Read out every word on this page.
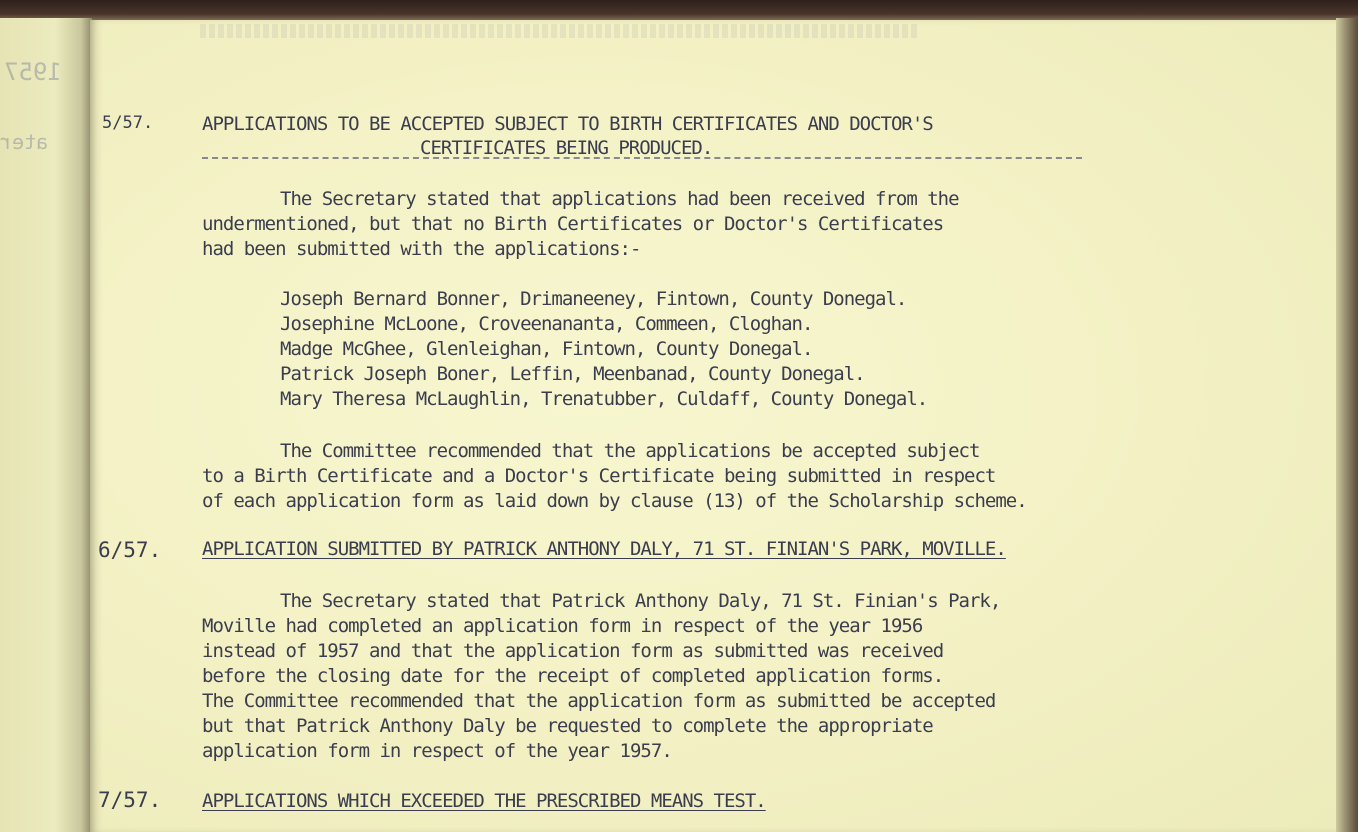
1957
ater
5/57.	APPLICATIONS TO BE ACCEPTED SUBJECT TO BIRTH CERTIFICATES AND DOCTOR'S
CERTIFICATES BEING PRODUCED.
The Secretary stated that applications had been received from the
undermentioned, but that no Birth Certificates or Doctor's Certificates
had been submitted with the applications:-
Joseph Bernard Bonner, Drimaneeney, Fintown, County Donegal.
Josephine McLoone, Croveenananta, Commeen, Cloghan.
Madge McGhee, Glenleighan, Fintown, County Donegal.
Patrick Joseph Boner, Leffin, Meenbanad, County Donegal.
Mary Theresa McLaughlin, Trenatubber, Culdaff, County Donegal.
The Committee recommended that the applications be accepted subject
to a Birth Certificate and a Doctor's Certificate being submitted in respect
of each application form as laid down by clause (13) of the Scholarship scheme.
6/57. APPLICATION SUBMITTED BY PATRICK ANTHONY DALY, 71 ST. FINIAN'S PARK, MOVILLE.
The Secretary stated that Patrick Anthony Daly, 71 St. Finian's Park,
Moville had completed an application form in respect of the year 1956
instead of 1957 and that the application form as submitted was received
before the closing date for the receipt of completed application forms.
The Committee recommended that the application form as submitted be accepted
but that Patrick Anthony Daly be requested to complete the appropriate
application form in respect of the year 1957.
7/57. APPLICATIONS WHICH EXCEEDED THE PRESCRIBED MEANS TEST.
